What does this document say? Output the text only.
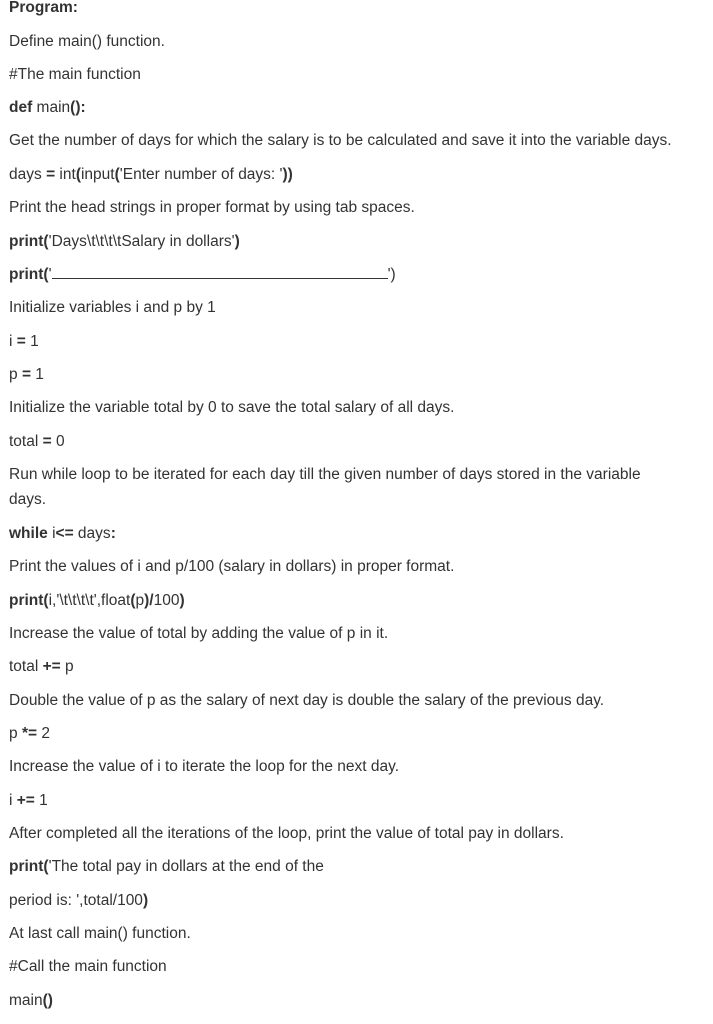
Program:
Define main() function.
#The main function
def main():
Get the number of days for which the salary is to be calculated and save it into the variable days.
days = int(input('Enter number of days: '))
Print the head strings in proper format by using tab spaces.
print('Days\t\t\t\tSalary in dollars')
print('	')
Initialize variables i and p by 1
i = 1
p = 1
Initialize the variable total by 0 to save the total salary of all days.
total = 0
Run while loop to be iterated for each day till the given number of days stored in the variable days.
while i<= days:
Print the values of i and p/100 (salary in dollars) in proper format.
print(i,'\t\t\t\t',float(p)/100)
Increase the value of total by adding the value of p in it.
total += p
Double the value of p as the salary of next day is double the salary of the previous day.
p *= 2
Increase the value of i to iterate the loop for the next day.
i += 1
After completed all the iterations of the loop, print the value of total pay in dollars.
print('The total pay in dollars at the end of the
period is: ',total/100)
At last call main() function.
#Call the main function
main()
